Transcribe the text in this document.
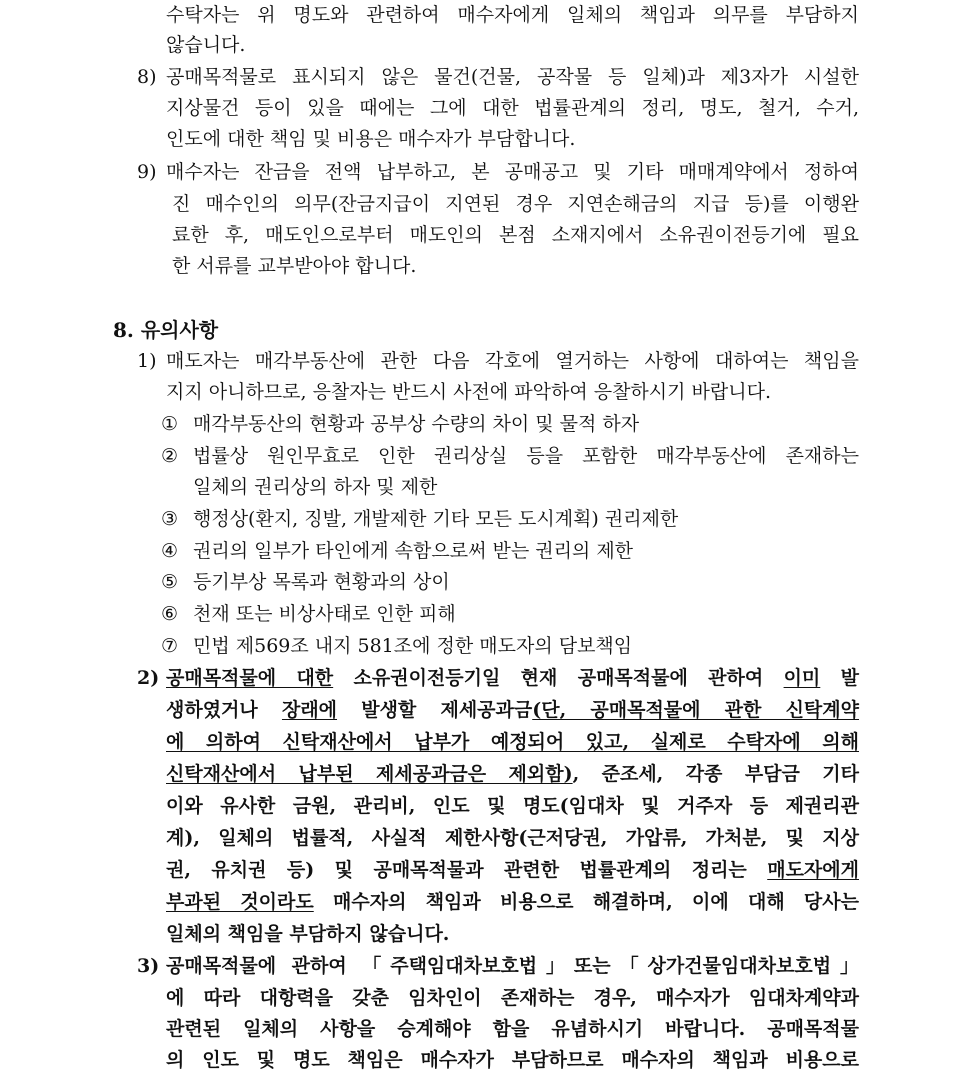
수탁자는 위 명도와 관련하여 매수자에게 일체의 책임과 의무를 부담하지
않습니다.
8) 공매목적물로 표시되지 않은 물건(건물, 공작물 등 일체)과 제3자가 시설한
지상물건 등이 있을 때에는 그에 대한 법률관계의 정리, 명도, 철거, 수거,
인도에 대한 책임 및 비용은 매수자가 부담합니다.
9) 매수자는 잔금을 전액 납부하고, 본 공매공고 및 기타 매매계약에서 정하여
진 매수인의 의무(잔금지급이 지연된 경우 지연손해금의 지급 등)를 이행완
료한 후, 매도인으로부터 매도인의 본점 소재지에서 소유권이전등기에 필요
한 서류를 교부받아야 합니다.
8. 유의사항
1) 매도자는 매각부동산에 관한 다음 각호에 열거하는 사항에 대하여는 책임을
지지 아니하므로, 응찰자는 반드시 사전에 파악하여 응찰하시기 바랍니다.
① 매각부동산의 현황과 공부상 수량의 차이 및 물적 하자
② 법률상 원인무효로 인한 권리상실 등을 포함한 매각부동산에 존재하는
일체의 권리상의 하자 및 제한
③ 행정상(환지, 징발, 개발제한 기타 모든 도시계획) 권리제한
④ 권리의 일부가 타인에게 속함으로써 받는 권리의 제한
⑤ 등기부상 목록과 현황과의 상이
⑥ 천재 또는 비상사태로 인한 피해
⑦ 민법 제569조 내지 581조에 정한 매도자의 담보책임
2) 공매목적물에 대한 소유권이전등기일 현재 공매목적물에 관하여 이미 발
생하였거나 장래에 발생할 제세공과금(단, 공매목적물에 관한 신탁계약
에 의하여 신탁재산에서 납부가 예정되어 있고, 실제로 수탁자에 의해
신탁재산에서 납부된 제세공과금은 제외함), 준조세, 각종 부담금 기타
이와 유사한 금원, 관리비, 인도 및 명도(임대차 및 거주자 등 제권리관
계), 일체의 법률적, 사실적 제한사항(근저당권, 가압류, 가처분, 및 지상
권, 유치권 등) 및 공매목적물과 관련한 법률관계의 정리는 매도자에게
부과된 것이라도 매수자의 책임과 비용으로 해결하며, 이에 대해 당사는
일체의 책임을 부담하지 않습니다.
3) 공매목적물에 관하여 「주택임대차보호법」또는「상가건물임대차보호법」
에 따라 대항력을 갖춘 임차인이 존재하는 경우, 매수자가 임대차계약과
관련된 일체의 사항을 승계해야 함을 유념하시기 바랍니다. 공매목적물
의 인도 및 명도 책임은 매수자가 부담하므로 매수자의 책임과 비용으로
